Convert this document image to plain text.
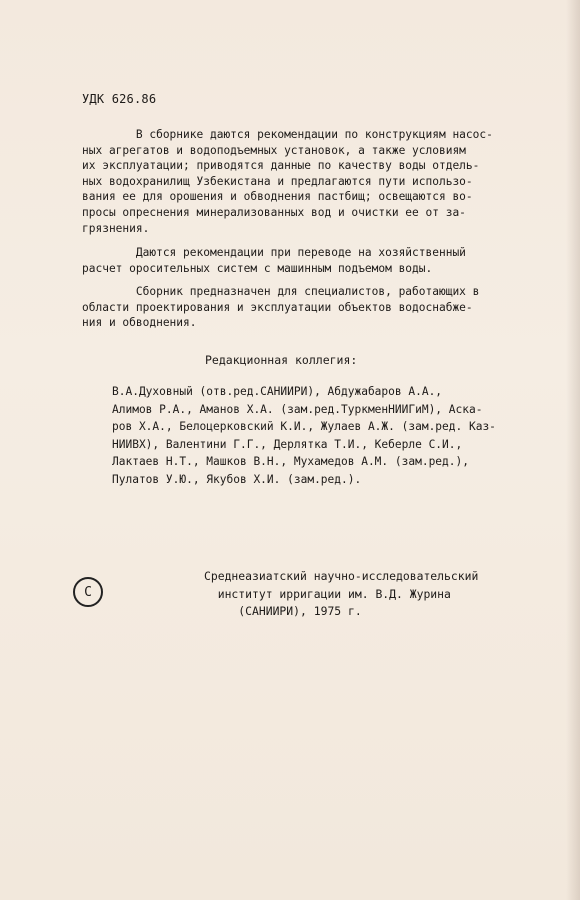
УДК 626.86

В сборнике даются рекомендации по конструкциям насос-
ных агрегатов и водоподъемных установок, а также условиям
их эксплуатации; приводятся данные по качеству воды отдель-
ных водохранилищ Узбекистана и предлагаются пути использо-
вания ее для орошения и обводнения пастбищ; освещаются во-
просы опреснения минерализованных вод и очистки ее от за-
грязнения.

Даются рекомендации при переводе на хозяйственный
расчет оросительных систем с машинным подъемом воды.

Сборник предназначен для специалистов, работающих в
области проектирования и эксплуатации объектов водоснабже-
ния и обводнения.

Редакционная коллегия:

В.А.Духовный (отв.ред.САНИИРИ), Абдужабаров А.А.,
Алимов Р.А., Аманов Х.А. (зам.ред.ТуркменНИИГиМ), Аска-
ров Х.А., Белоцерковский К.И., Жулаев А.Ж. (зам.ред. Каз-
НИИВХ), Валентини Г.Г., Дерлятка Т.И., Кеберле С.И.,
Лактаев Н.Т., Машков В.Н., Мухамедов А.М. (зам.ред.),
Пулатов У.Ю., Якубов Х.И. (зам.ред.).

С

Среднеазиатский научно-исследовательский
институт ирригации им. В.Д. Журина
(САНИИРИ), 1975 г.
